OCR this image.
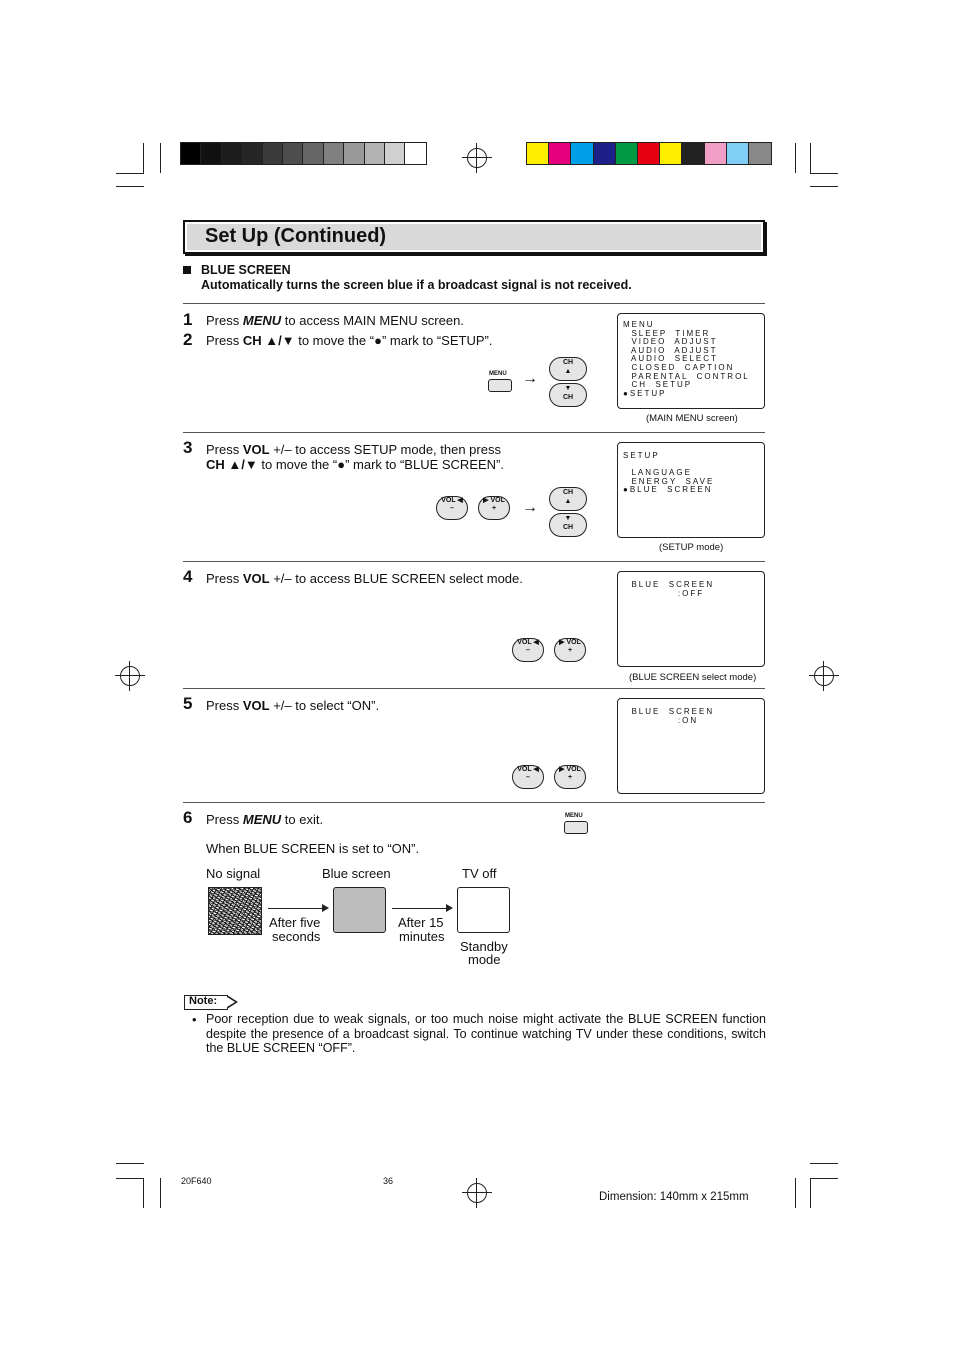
Set Up (Continued)
BLUE SCREEN
Automatically turns the screen blue if a broadcast signal is not received.
1 Press MENU to access MAIN MENU screen.
2 Press CH ▲/▼ to move the “●” mark to “SETUP”.
MENU →
CH
▲
▼
CH
MENU
SLEEP  TIMER
VIDEO  ADJUST
AUDIO  ADJUST
AUDIO  SELECT
CLOSED  CAPTION
PARENTAL  CONTROL
CH  SETUP
●SETUP
(MAIN MENU screen)
3 Press VOL +/– to access SETUP mode, then press
CH ▲/▼ to move the “●” mark to “BLUE SCREEN”.
VOL ◀
–
▶ VOL
+	→
CH
▲
▼
CH
SETUP

LANGUAGE
ENERGY  SAVE
●BLUE  SCREEN
(SETUP mode)
4 Press VOL +/– to access BLUE SCREEN select mode.
VOL ◀
–
▶ VOL
+
BLUE  SCREEN
:OFF
(BLUE SCREEN select mode)
5 Press VOL +/– to select “ON”.
VOL ◀
–
▶ VOL
+
BLUE  SCREEN
:ON
6 Press MENU to exit.	MENU
When BLUE SCREEN is set to “ON”.
No signal	Blue screen	TV off
After five
seconds
After 15
minutes
Standby
mode
Note:
• Poor reception due to weak signals, or too much noise might activate the BLUE SCREEN function despite the presence of a broadcast signal. To continue watching TV under these conditions, switch the BLUE SCREEN “OFF”.
20F640	36
Dimension: 140mm x 215mm
